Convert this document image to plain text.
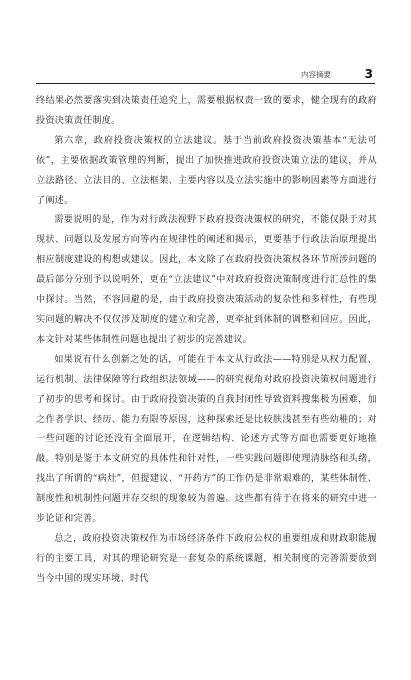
内容摘要	3

终结果必然要落实到决策责任追究上，需要根据权责一致的要求，健全现有的政府投资决策责任制度。

第六章，政府投资决策权的立法建议。基于当前政府投资决策基本“无法可依”，主要依据政策管理的判断，提出了加快推进政府投资决策立法的建议，并从立法路径、立法目的、立法框架、主要内容以及立法实施中的影响因素等方面进行了阐述。

需要说明的是，作为对行政法视野下政府投资决策权的研究，不能仅限于对其现状、问题以及发展方向等内在规律性的阐述和揭示，更要基于行政法治原理提出相应制度建设的构想或建议。因此，本文除了在政府投资决策权各环节所涉问题的最后部分分别予以说明外，更在“立法建议”中对政府投资决策制度进行汇总性的集中探讨。当然，不容回避的是，由于政府投资决策活动的复杂性和多样性，有些现实问题的解决不仅仅涉及制度的建立和完善，更牵扯到体制的调整和回应。因此，本文针对某些体制性问题也提出了初步的完善建议。

如果说有什么创新之处的话，可能在于本文从行政法——特别是从权力配置、运行机制、法律保障等行政组织法领域——的研究视角对政府投资决策权问题进行了初步的思考和探讨。由于政府投资决策的自我封闭性导致资料搜集极为困难，加之作者学识、经历、能力有限等原因，这种探索还是比较肤浅甚至有些幼稚的；对一些问题的讨论还没有全面展开，在逻辑结构、论述方式等方面也需要更好地推敲。特别是鉴于本文研究的具体性和针对性，一些实践问题即使理清脉络和头绪，找出了所谓的“病灶”，但提建议、“开药方”的工作仍是非常艰难的，某些体制性、制度性和机制性问题并存交织的现象较为普遍。这些都有待于在将来的研究中进一步论证和完善。

总之，政府投资决策权作为市场经济条件下政府公权的重要组成和财政职能履行的主要工具，对其的理论研究是一套复杂的系统课题，相关制度的完善需要放到当今中国的现实环境、时代
